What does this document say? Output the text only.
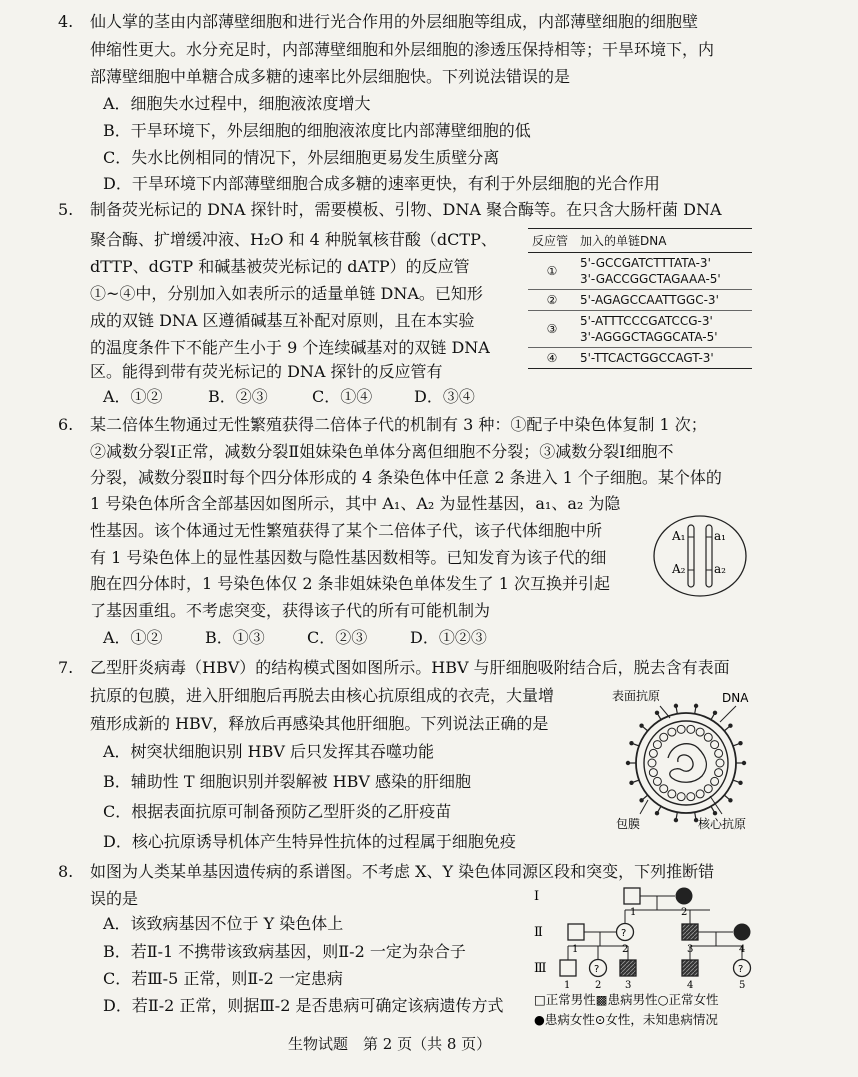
4. 仙人掌的茎由内部薄壁细胞和进行光合作用的外层细胞等组成，内部薄壁细胞的细胞壁
伸缩性更大。水分充足时，内部薄壁细胞和外层细胞的渗透压保持相等；干旱环境下，内
部薄壁细胞中单糖合成多糖的速率比外层细胞快。下列说法错误的是
A．细胞失水过程中，细胞液浓度增大
B．干旱环境下，外层细胞的细胞液浓度比内部薄壁细胞的低
C．失水比例相同的情况下，外层细胞更易发生质壁分离
D．干旱环境下内部薄壁细胞合成多糖的速率更快，有利于外层细胞的光合作用
5. 制备荧光标记的 DNA 探针时，需要模板、引物、DNA 聚合酶等。在只含大肠杆菌 DNA
聚合酶、扩增缓冲液、H₂O 和 4 种脱氧核苷酸（dCTP、
dTTP、dGTP 和碱基被荧光标记的 dATP）的反应管
①~④中，分别加入如表所示的适量单链 DNA。已知形
成的双链 DNA 区遵循碱基互补配对原则，且在本实验
的温度条件下不能产生小于 9 个连续碱基对的双链 DNA
区。能得到带有荧光标记的 DNA 探针的反应管有
A．①②	B．②③	C．①④	D．③④
反应管	加入的单链DNA
①	5'-GCCGATCTTTATA-3'
3'-GACCGGCTAGAAA-5'

②	5'-AGAGCCAATTGGC-3'

③	5'-ATTTCCCGATCCG-3'
3'-AGGGCTAGGCATA-5'

④	5'-TTCACTGGCCAGT-3'
6. 某二倍体生物通过无性繁殖获得二倍体子代的机制有 3 种：①配子中染色体复制 1 次；
②减数分裂Ⅰ正常，减数分裂Ⅱ姐妹染色单体分离但细胞不分裂；③减数分裂Ⅰ细胞不
分裂，减数分裂Ⅱ时每个四分体形成的 4 条染色体中任意 2 条进入 1 个子细胞。某个体的
1 号染色体所含全部基因如图所示，其中 A₁、A₂ 为显性基因，a₁、a₂ 为隐
性基因。该个体通过无性繁殖获得了某个二倍体子代，该子代体细胞中所
有 1 号染色体上的显性基因数与隐性基因数相等。已知发育为该子代的细
胞在四分体时，1 号染色体仅 2 条非姐妹染色单体发生了 1 次互换并引起
了基因重组。不考虑突变，获得该子代的所有可能机制为
A．①②	B．①③	C．②③	D．①②③
A₁ a₁
A₂ a₂
7. 乙型肝炎病毒（HBV）的结构模式图如图所示。HBV 与肝细胞吸附结合后，脱去含有表面
抗原的包膜，进入肝细胞后再脱去由核心抗原组成的衣壳，大量增
殖形成新的 HBV，释放后再感染其他肝细胞。下列说法正确的是
A．树突状细胞识别 HBV 后只发挥其吞噬功能
B．辅助性 T 细胞识别并裂解被 HBV 感染的肝细胞
C．根据表面抗原可制备预防乙型肝炎的乙肝疫苗
D．核心抗原诱导机体产生特异性抗体的过程属于细胞免疫
表面抗原	DNA
包膜	核心抗原
8. 如图为人类某单基因遗传病的系谱图。不考虑 X、Y 染色体同源区段和突变，下列推断错
误的是
A．该致病基因不位于 Y 染色体上
B．若Ⅱ-1 不携带该致病基因，则Ⅱ-2 一定为杂合子
C．若Ⅲ-5 正常，则Ⅱ-2 一定患病
D．若Ⅱ-2 正常，则据Ⅲ-2 是否患病可确定该病遗传方式
Ⅰ
Ⅱ
Ⅲ
1	2
?
1	2	3	4
?	?
1 2 3	4	5
□正常男性▩患病男性○正常女性
●患病女性⊙女性，未知患病情况
生物试题　第 2 页（共 8 页）
